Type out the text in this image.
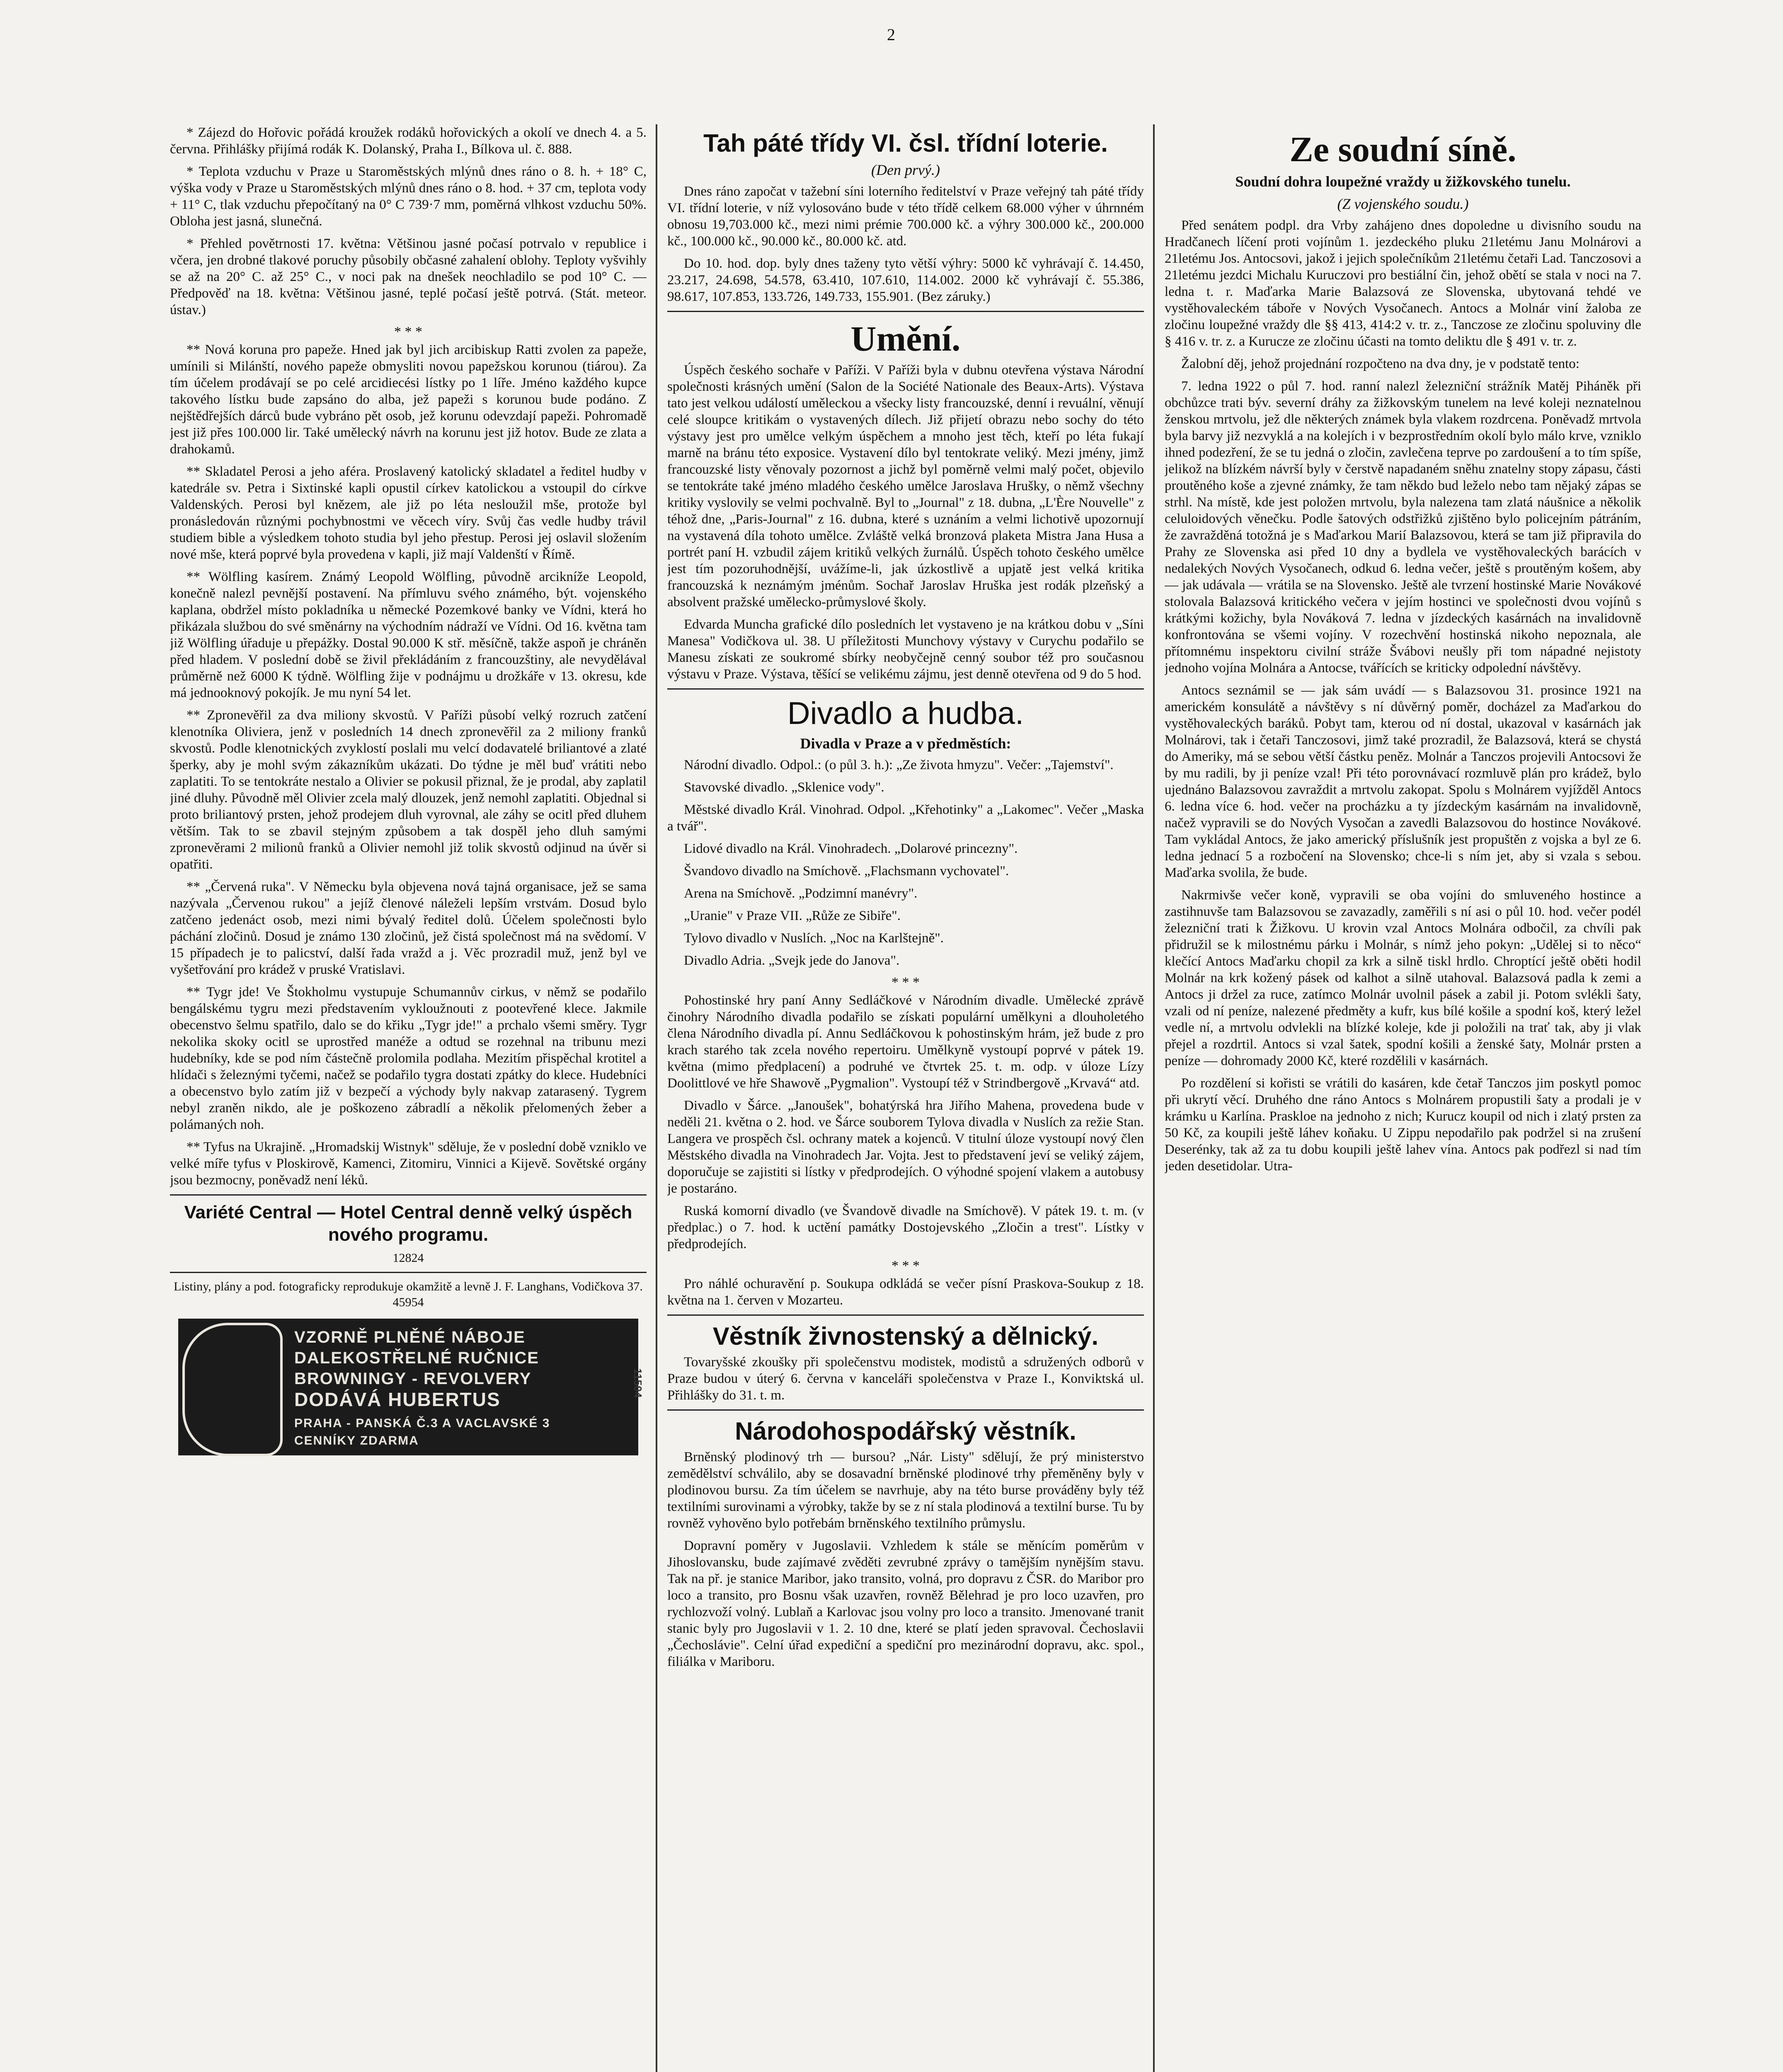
2

* Zájezd do Hořovic pořádá kroužek rodáků hořovických a okolí ve dnech 4. a 5. června. Přihlášky přijímá rodák K. Dolanský, Praha I., Bílkova ul. č. 888.

* Teplota vzduchu v Praze u Staroměstských mlýnů dnes ráno o 8. h. + 18° C, výška vody v Praze u Staroměstských mlýnů dnes ráno o 8. hod. + 37 cm, teplota vody + 11° C, tlak vzduchu přepočítaný na 0° C 739·7 mm, poměrná vlhkost vzduchu 50%. Obloha jest jasná, slunečná.

* Přehled povětrnosti 17. května: Většinou jasné počasí potrvalo v republice i včera, jen drobné tlakové poruchy působily občasné zahalení oblohy. Teploty vyšvihly se až na 20° C. až 25° C., v noci pak na dnešek neochladilo se pod 10° C. — Předpověď na 18. května: Většinou jasné, teplé počasí ještě potrvá. (Stát. meteor. ústav.)

* * *

** Nová koruna pro papeže. Hned jak byl jich arcibiskup Ratti zvolen za papeže, umínili si Milánští, nového papeže obmysliti novou papežskou korunou (tiárou). Za tím účelem prodávají se po celé arcidiecési lístky po 1 líře. Jméno každého kupce takového lístku bude zapsáno do alba, jež papeži s korunou bude podáno. Z nejštědřejších dárců bude vybráno pět osob, jež korunu odevzdají papeži. Pohromadě jest již přes 100.000 lir. Také umělecký návrh na korunu jest již hotov. Bude ze zlata a drahokamů.

** Skladatel Perosi a jeho aféra. Proslavený katolický skladatel a ředitel hudby v katedrále sv. Petra i Sixtinské kapli opustil církev katolickou a vstoupil do církve Valdenských. Perosi byl knězem, ale již po léta nesloužil mše, protože byl pronásledován různými pochybnostmi ve věcech víry. Svůj čas vedle hudby trávil studiem bible a výsledkem tohoto studia byl jeho přestup. Perosi jej oslavil složením nové mše, která poprvé byla provedena v kapli, již mají Valdenští v Římě.

** Wölfling kasírem. Známý Leopold Wölfling, původně arcikníže Leopold, konečně nalezl pevnější postavení. Na přímluvu svého známého, být. vojenského kaplana, obdržel místo pokladníka u německé Pozemkové banky ve Vídni, která ho přikázala službou do své směnárny na východním nádraží ve Vídni. Od 16. května tam již Wölfling úřaduje u přepážky. Dostal 90.000 K stř. měsíčně, takže aspoň je chráněn před hladem. V poslední době se živil překládáním z francouzštiny, ale nevydělával průměrně než 6000 K týdně. Wölfling žije v podnájmu u drožkáře v 13. okresu, kde má jednooknový pokojík. Je mu nyní 54 let.

** Zpronevěřil za dva miliony skvostů. V Paříži působí velký rozruch zatčení klenotníka Oliviera, jenž v posledních 14 dnech zpronevěřil za 2 miliony franků skvostů. Podle klenotnických zvyklostí poslali mu velcí dodavatelé briliantové a zlaté šperky, aby je mohl svým zákazníkům ukázati. Do týdne je měl buď vrátiti nebo zaplatiti. To se tentokráte nestalo a Olivier se pokusil přiznal, že je prodal, aby zaplatil jiné dluhy. Původně měl Olivier zcela malý dlouzek, jenž nemohl zaplatiti. Objednal si proto briliantový prsten, jehož prodejem dluh vyrovnal, ale záhy se ocitl před dluhem větším. Tak to se zbavil stejným způsobem a tak dospěl jeho dluh samými zpronevěrami 2 milionů franků a Olivier nemohl již tolik skvostů odjinud na úvěr si opatřiti.

** „Červená ruka". V Německu byla objevena nová tajná organisace, jež se sama nazývala „Červenou rukou" a jejíž členové náleželi lepším vrstvám. Dosud bylo zatčeno jedenáct osob, mezi nimi bývalý ředitel dolů. Účelem společnosti bylo páchání zločinů. Dosud je známo 130 zločinů, jež čistá společnost má na svědomí. V 15 případech je to palicství, další řada vražd a j. Věc prozradil muž, jenž byl ve vyšetřování pro krádež v pruské Vratislavi.

** Tygr jde! Ve Štokholmu vystupuje Schumannův cirkus, v němž se podařilo bengálskému tygru mezi představením vykloužnouti z pootevřené klece. Jakmile obecenstvo šelmu spatřilo, dalo se do křiku „Tygr jde!" a prchalo všemi směry. Tygr nekolika skoky ocitl se uprostřed manéže a odtud se rozehnal na tribunu mezi hudebníky, kde se pod ním částečně prolomila podlaha. Mezitím přispěchal krotitel a hlídači s železnými tyčemi, načež se podařilo tygra dostati zpátky do klece. Hudebníci a obecenstvo bylo zatím již v bezpečí a východy byly nakvap zatarasený. Tygrem nebyl zraněn nikdo, ale je poškozeno zábradlí a několik přelomených žeber a polámaných noh.

** Tyfus na Ukrajině. „Hromadskij Wistnyk" sděluje, že v poslední době vzniklo ve velké míře tyfus v Ploskirově, Kamenci, Zitomiru, Vinnici a Kijevě. Sovětské orgány jsou bezmocny, poněvadž není léků.

Variété Central — Hotel Central denně velký úspěch nového programu.
12824
Listiny, plány a pod. fotograficky reprodukuje okamžitě a levně J. F. Langhans, Vodičkova 37.
45954
VZORNĚ PLNĚNÉ NÁBOJE
DALEKOSTŘELNÉ RUČNICE
BROWNINGY - REVOLVERY
DODÁVÁ HUBERTUS
PRAHA - PANSKÁ Č.3 A VACLAVSKÉ 3
CENNÍKY ZDARMA
11504
Tah páté třídy VI. čsl. třídní loterie.
(Den prvý.)

Dnes ráno započat v tažební síni loterního ředitelství v Praze veřejný tah páté třídy VI. třídní loterie, v níž vylosováno bude v této třídě celkem 68.000 výher v úhrnném obnosu 19,703.000 kč., mezi nimi prémie 700.000 kč. a výhry 300.000 kč., 200.000 kč., 100.000 kč., 90.000 kč., 80.000 kč. atd.

Do 10. hod. dop. byly dnes taženy tyto větší výhry: 5000 kč vyhrávají č. 14.450, 23.217, 24.698, 54.578, 63.410, 107.610, 114.002. 2000 kč vyhrávají č. 55.386, 98.617, 107.853, 133.726, 149.733, 155.901. (Bez záruky.)

Umění.

Úspěch českého sochaře v Paříži. V Paříži byla v dubnu otevřena výstava Národní společnosti krásných umění (Salon de la Société Nationale des Beaux-Arts). Výstava tato jest velkou událostí uměleckou a všecky listy francouzské, denní i revuální, věnují celé sloupce kritikám o vystavených dílech. Již přijetí obrazu nebo sochy do této výstavy jest pro umělce velkým úspěchem a mnoho jest těch, kteří po léta fukají marně na bránu této exposice. Vystavení dílo byl tentokrate veliký. Mezi jmény, jimž francouzské listy věnovaly pozornost a jichž byl poměrně velmi malý počet, objevilo se tentokráte také jméno mladého českého umělce Jaroslava Hrušky, o němž všechny kritiky vyslovily se velmi pochvalně. Byl to „Journal" z 18. dubna, „L'Ère Nouvelle" z téhož dne, „Paris-Journal" z 16. dubna, které s uznáním a velmi lichotivě upozornují na vystavená díla tohoto umělce. Zvláště velká bronzová plaketa Mistra Jana Husa a portrét paní H. vzbudil zájem kritiků velkých žurnálů. Úspěch tohoto českého umělce jest tím pozoruhodnější, uvážíme-li, jak úzkostlivě a upjatě jest velká kritika francouzská k neznámým jménům. Sochař Jaroslav Hruška jest rodák plzeňský a absolvent pražské umělecko-průmyslové školy.

Edvarda Muncha grafické dílo posledních let vystaveno je na krátkou dobu v „Síni Manesa" Vodičkova ul. 38. U příležitosti Munchovy výstavy v Curychu podařilo se Manesu získati ze soukromé sbírky neobyčejně cenný soubor též pro současnou výstavu v Praze. Výstava, těšící se velikému zájmu, jest denně otevřena od 9 do 5 hod.

Divadlo a hudba.
Divadla v Praze a v předměstích:

Národní divadlo. Odpol.: (o půl 3. h.): „Ze života hmyzu". Večer: „Tajemství".

Stavovské divadlo. „Sklenice vody".

Městské divadlo Král. Vinohrad. Odpol. „Křehotinky" a „Lakomec". Večer „Maska a tvář".

Lidové divadlo na Král. Vinohradech. „Dolarové princezny".

Švandovo divadlo na Smíchově. „Flachsmann vychovatel".

Arena na Smíchově. „Podzimní manévry".

„Uranie" v Praze VII. „Růže ze Sibiře".

Tylovo divadlo v Nuslích. „Noc na Karlštejně".

Divadlo Adria. „Svejk jede do Janova".

* * *

Pohostinské hry paní Anny Sedláčkové v Národním divadle. Umělecké zprávě činohry Národního divadla podařilo se získati populární umělkyni a dlouholetého člena Národního divadla pí. Annu Sedláčkovou k pohostinským hrám, jež bude z pro krach starého tak zcela nového repertoiru. Umělkyně vystoupí poprvé v pátek 19. května (mimo předplacení) a podruhé ve čtvrtek 25. t. m. odp. v úloze Lízy Doolittlové ve hře Shawově „Pygmalion". Vystoupí též v Strindbergově „Krvavá“ atd.

Divadlo v Šárce. „Janoušek", bohatýrská hra Jiřího Mahena, provedena bude v neděli 21. května o 2. hod. ve Šárce souborem Tylova divadla v Nuslích za režie Stan. Langera ve prospěch čsl. ochrany matek a kojenců. V titulní úloze vystoupí nový člen Městského divadla na Vinohradech Jar. Vojta. Jest to představení jeví se veliký zájem, doporučuje se zajistiti si lístky v předprodejích. O výhodné spojení vlakem a autobusy je postaráno.

Ruská komorní divadlo (ve Švandově divadle na Smíchově). V pátek 19. t. m. (v předplac.) o 7. hod. k uctění památky Dostojevského „Zločin a trest". Lístky v předprodejích.

* * *

Pro náhlé ochuravění p. Soukupa odkládá se večer písní Praskova-Soukup z 18. května na 1. červen v Mozarteu.

Věstník živnostenský a dělnický.

Tovaryšské zkoušky při společenstvu modistek, modistů a sdružených odborů v Praze budou v úterý 6. června v kanceláři společenstva v Praze I., Konviktská ul. Přihlášky do 31. t. m.

Národohospodářský věstník.

Brněnský plodinový trh — bursou? „Nár. Listy" sdělují, že prý ministerstvo zemědělství schválilo, aby se dosavadní brněnské plodinové trhy přeměněny byly v plodinovou bursu. Za tím účelem se navrhuje, aby na této burse prováděny byly též textilními surovinami a výrobky, takže by se z ní stala plodinová a textilní burse. Tu by rovněž vyhověno bylo potřebám brněnského textilního průmyslu.

Dopravní poměry v Jugoslavii. Vzhledem k stále se měnícím poměrům v Jihoslovansku, bude zajímavé zvěděti zevrubné zprávy o tamějším nynějším stavu. Tak na př. je stanice Maribor, jako transito, volná, pro dopravu z ČSR. do Maribor pro loco a transito, pro Bosnu však uzavřen, rovněž Bělehrad je pro loco uzavřen, pro rychlozvoží volný. Lublaň a Karlovac jsou volny pro loco a transito. Jmenované tranit stanic byly pro Jugoslavii v 1. 2. 10 dne, které se platí jeden spravoval. Čechoslavii „Čechoslávie". Celní úřad expediční a spediční pro mezinárodní dopravu, akc. spol., filiálka v Mariboru.

Ze soudní síně.
Soudní dohra loupežné vraždy u žižkovského tunelu.
(Z vojenského soudu.)

Před senátem podpl. dra Vrby zahájeno dnes dopoledne u divisního soudu na Hradčanech líčení proti vojínům 1. jezdeckého pluku 21letému Janu Molnárovi a 21letému Jos. Antocsovi, jakož i jejich společníkům 21letému četaři Lad. Tanczosovi a 21letému jezdci Michalu Kuruczovi pro bestiální čin, jehož obětí se stala v noci na 7. ledna t. r. Maďarka Marie Balazsová ze Slovenska, ubytovaná tehdé ve vystěhovaleckém táboře v Nových Vysočanech. Antocs a Molnár viní žaloba ze zločinu loupežné vraždy dle §§ 413, 414:2 v. tr. z., Tanczose ze zločinu spoluviny dle § 416 v. tr. z. a Kurucze ze zločinu účasti na tomto deliktu dle § 491 v. tr. z.

Žalobní děj, jehož projednání rozpočteno na dva dny, je v podstatě tento:

7. ledna 1922 o půl 7. hod. ranní nalezl železniční strážník Matěj Piháněk při obchůzce trati býv. severní dráhy za žižkovským tunelem na levé koleji neznatelnou ženskou mrtvolu, jež dle některých známek byla vlakem rozdrcena. Poněvadž mrtvola byla barvy již nezvyklá a na kolejích i v bezprostředním okolí bylo málo krve, vzniklo ihned podezření, že se tu jedná o zločin, zavlečena teprve po zardoušení a to tím spíše, jelikož na blízkém návrší byly v čerstvě napadaném sněhu znatelny stopy zápasu, části proutěného koše a zjevné známky, že tam někdo bud leželo nebo tam nějaký zápas se strhl. Na místě, kde jest položen mrtvolu, byla nalezena tam zlatá náušnice a několik celuloidových věnečku. Podle šatových odstřižků zjištěno bylo policejním pátráním, že zavražděná totožná je s Maďarkou Marií Balazsovou, která se tam již připravila do Prahy ze Slovenska asi před 10 dny a bydlela ve vystěhovaleckých barácích v nedalekých Nových Vysočanech, odkud 6. ledna večer, ještě s proutěným košem, aby — jak udávala — vrátila se na Slovensko. Ještě ale tvrzení hostinské Marie Novákové stolovala Balazsová kritického večera v jejím hostinci ve společnosti dvou vojínů s krátkými kožichy, byla Nováková 7. ledna v jízdeckých kasárnách na invalidovně konfrontována se všemi vojíny. V rozechvění hostinská nikoho nepoznala, ale přítomnému inspektoru civilní stráže Švábovi neušly při tom nápadné nejistoty jednoho vojína Molnára a Antocse, tvářících se kriticky odpolední návštěvy.

Antocs seznámil se — jak sám uvádí — s Balazsovou 31. prosince 1921 na americkém konsulátě a návštěvy s ní důvěrný poměr, docházel za Maďarkou do vystěhovaleckých baráků. Pobyt tam, kterou od ní dostal, ukazoval v kasárnách jak Molnárovi, tak i četaři Tanczosovi, jimž také prozradil, že Balazsová, která se chystá do Ameriky, má se sebou větší částku peněz. Molnár a Tanczos projevili Antocsovi že by mu radili, by ji peníze vzal! Při této porovnávací rozmluvě plán pro krádež, bylo ujednáno Balazsovou zavraždit a mrtvolu zakopat. Spolu s Molnárem vyjížděl Antocs 6. ledna více 6. hod. večer na procházku a ty jízdeckým kasárnám na invalidovně, načež vypravili se do Nových Vysočan a zavedli Balazsovou do hostince Novákové. Tam vykládal Antocs, že jako americký příslušník jest propuštěn z vojska a byl ze 6. ledna jednací 5 a rozbočení na Slovensko; chce-li s ním jet, aby si vzala s sebou. Maďarka svolila, že bude.

Nakrmivše večer koně, vypravili se oba vojíni do smluveného hostince a zastihnuvše tam Balazsovou se zavazadly, zaměřili s ní asi o půl 10. hod. večer podél železniční trati k Žižkovu. U krovin vzal Antocs Molnára odbočil, za chvíli pak přidružil se k milostnému párku i Molnár, s nímž jeho pokyn: „Udělej si to něco“ klečící Antocs Maďarku chopil za krk a silně tiskl hrdlo. Chroptící ještě oběti hodil Molnár na krk kožený pásek od kalhot a silně utahoval. Balazsová padla k zemi a Antocs ji držel za ruce, zatímco Molnár uvolnil pásek a zabil ji. Potom svlékli šaty, vzali od ní peníze, nalezené předměty a kufr, kus bílé košile a spodní koš, který ležel vedle ní, a mrtvolu odvlekli na blízké koleje, kde ji položili na trať tak, aby ji vlak přejel a rozdrtil. Antocs si vzal šatek, spodní košili a ženské šaty, Molnár prsten a peníze — dohromady 2000 Kč, které rozdělili v kasárnách.

Po rozdělení si kořisti se vrátili do kasáren, kde četař Tanczos jim poskytl pomoc při ukrytí věcí. Druhého dne ráno Antocs s Molnárem propustili šaty a prodali je v krámku u Karlína. Praskloe na jednoho z nich; Kurucz koupil od nich i zlatý prsten za 50 Kč, za koupili ještě láhev koňaku. U Zippu nepodařilo pak podržel si na zrušení Deserénky, tak až za tu dobu koupili ještě lahev vína. Antocs pak podřezl si nad tím jeden desetidolar. Utra-
